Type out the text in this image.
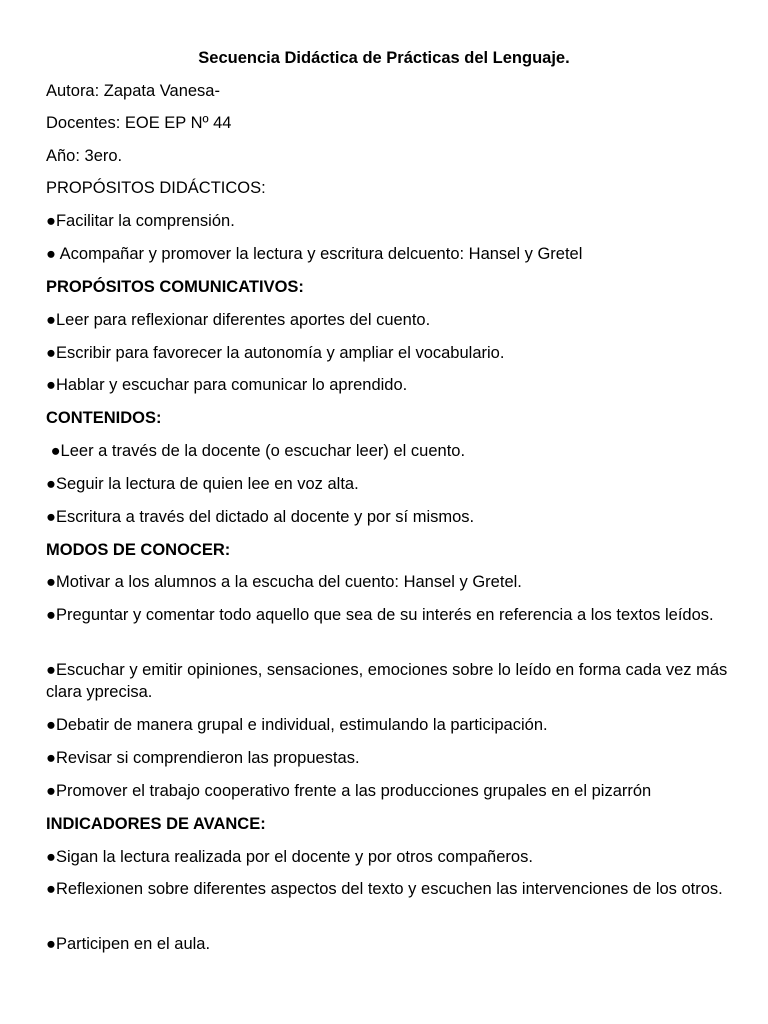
Secuencia Didáctica de Prácticas del Lenguaje.
Autora: Zapata Vanesa-
Docentes: EOE EP Nº 44
Año: 3ero.
PROPÓSITOS DIDÁCTICOS:
●Facilitar la comprensión.
● Acompañar y promover la lectura y escritura delcuento: Hansel y Gretel
PROPÓSITOS COMUNICATIVOS:
●Leer para reflexionar diferentes aportes del cuento.
●Escribir para favorecer la autonomía y ampliar el vocabulario.
●Hablar y escuchar para comunicar lo aprendido.
CONTENIDOS:
●Leer a través de la docente (o escuchar leer) el cuento.
●Seguir la lectura de quien lee en voz alta.
●Escritura a través del dictado al docente y por sí mismos.
MODOS DE CONOCER:
●Motivar a los alumnos a la escucha del cuento: Hansel y Gretel.
●Preguntar y comentar todo aquello que sea de su interés en referencia a los textos leídos.
●Escuchar y emitir opiniones, sensaciones, emociones sobre lo leído en forma cada vez más clara yprecisa.
●Debatir de manera grupal e individual, estimulando la participación.
●Revisar si comprendieron las propuestas.
●Promover el trabajo cooperativo frente a las producciones grupales en el pizarrón
INDICADORES DE AVANCE:
●Sigan la lectura realizada por el docente y por otros compañeros.
●Reflexionen sobre diferentes aspectos del texto y escuchen las intervenciones de los otros.
●Participen en el aula.
